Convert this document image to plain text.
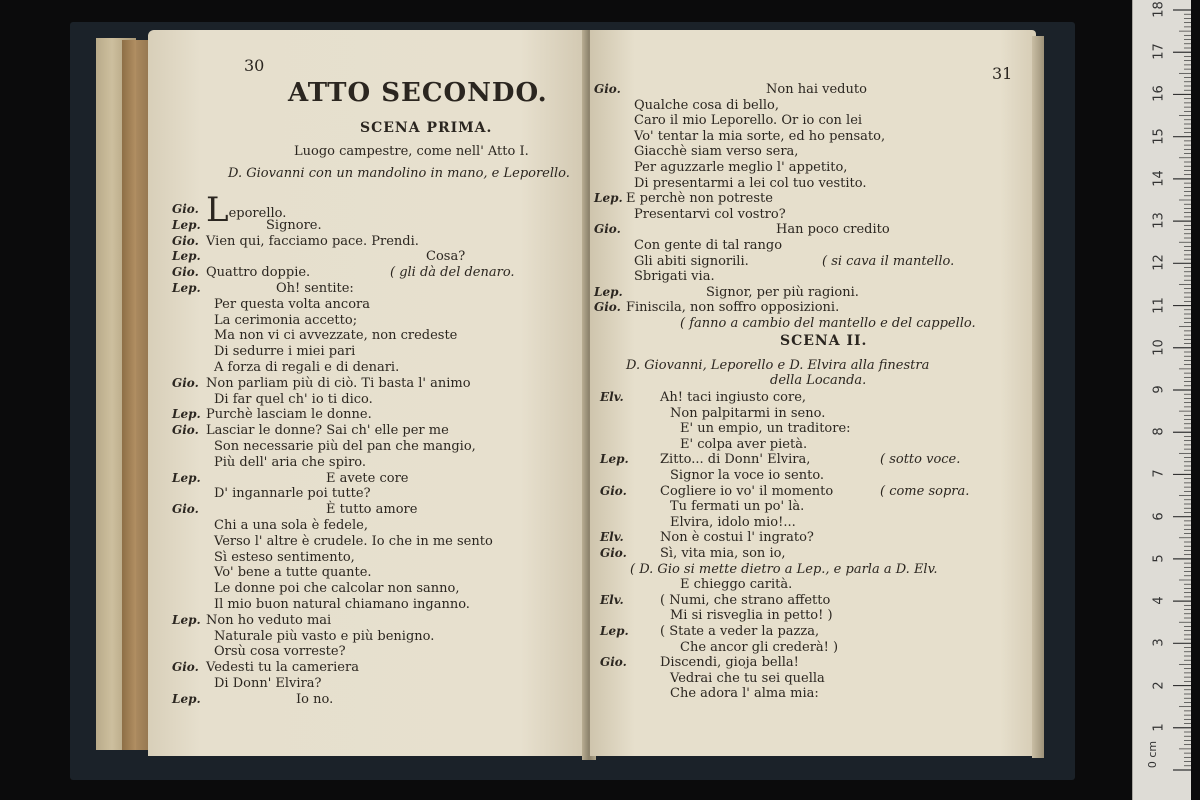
30
ATTO SECONDO.
SCENA PRIMA.
Luogo campestre, come nell' Atto I.
D. Giovanni con un mandolino in mano, e Leporello.
Gio. Leporello.
Lep.	Signore.
Gio. Vien qui, facciamo pace. Prendi.
Lep.	Cosa?
Gio. Quattro doppie.	( gli dà del denaro.
Lep.	Oh! sentite:
Per questa volta ancora
La cerimonia accetto;
Ma non vi ci avvezzate, non credeste
Di sedurre i miei pari
A forza di regali e di denari.
Gio. Non parliam più di ciò. Ti basta l' animo
Di far quel ch' io ti dico.
Lep. Purchè lasciam le donne.
Gio. Lasciar le donne? Sai ch' elle per me
Son necessarie più del pan che mangio,
Più dell' aria che spiro.
Lep.	E avete core
D' ingannarle poi tutte?
Gio.	È tutto amore
Chi a una sola è fedele,
Verso l' altre è crudele. Io che in me sento
Sì esteso sentimento,
Vo' bene a tutte quante.
Le donne poi che calcolar non sanno,
Il mio buon natural chiamano inganno.
Lep. Non ho veduto mai
Naturale più vasto e più benigno.
Orsù cosa vorreste?
Gio. Vedesti tu la cameriera
Di Donn' Elvira?
Lep.	Io no.
31
Gio.	Non hai veduto
Qualche cosa di bello,
Caro il mio Leporello. Or io con lei
Vo' tentar la mia sorte, ed ho pensato,
Giacchè siam verso sera,
Per aguzzarle meglio l' appetito,
Di presentarmi a lei col tuo vestito.
Lep. E perchè non potreste
Presentarvi col vostro?
Gio.	Han poco credito
Con gente di tal rango
Gli abiti signorili.	( si cava il mantello.
Sbrigati via.
Lep.	Signor, per più ragioni.
Gio. Finiscila, non soffro opposizioni.
( fanno a cambio del mantello e del cappello.
SCENA II.
D. Giovanni, Leporello e D. Elvira alla finestra
della Locanda.
Elv.	Ah! taci ingiusto core,
Non palpitarmi in seno.
E' un empio, un traditore:
E' colpa aver pietà.
Lep. Zitto... di Donn' Elvira,	( sotto voce.
Signor la voce io sento.
Gio.	Cogliere io vo' il momento	( come sopra.
Tu fermati un po' là.
Elvira, idolo mio!...
Elv.	Non è costui l' ingrato?
Gio.	Sì, vita mia, son io,
( D. Gio si mette dietro a Lep., e parla a D. Elv.
E chieggo carità.
Elv.	( Numi, che strano affetto
Mi si risveglia in petto! )
Lep. ( State a veder la pazza,
Che ancor gli crederà! )
Gio.	Discendi, gioja bella!
Vedrai che tu sei quella
Che adora l' alma mia:
0 cm
1
2
3
4
5
6
7
8
9
10
11
12
13
14
15
16
17
18
